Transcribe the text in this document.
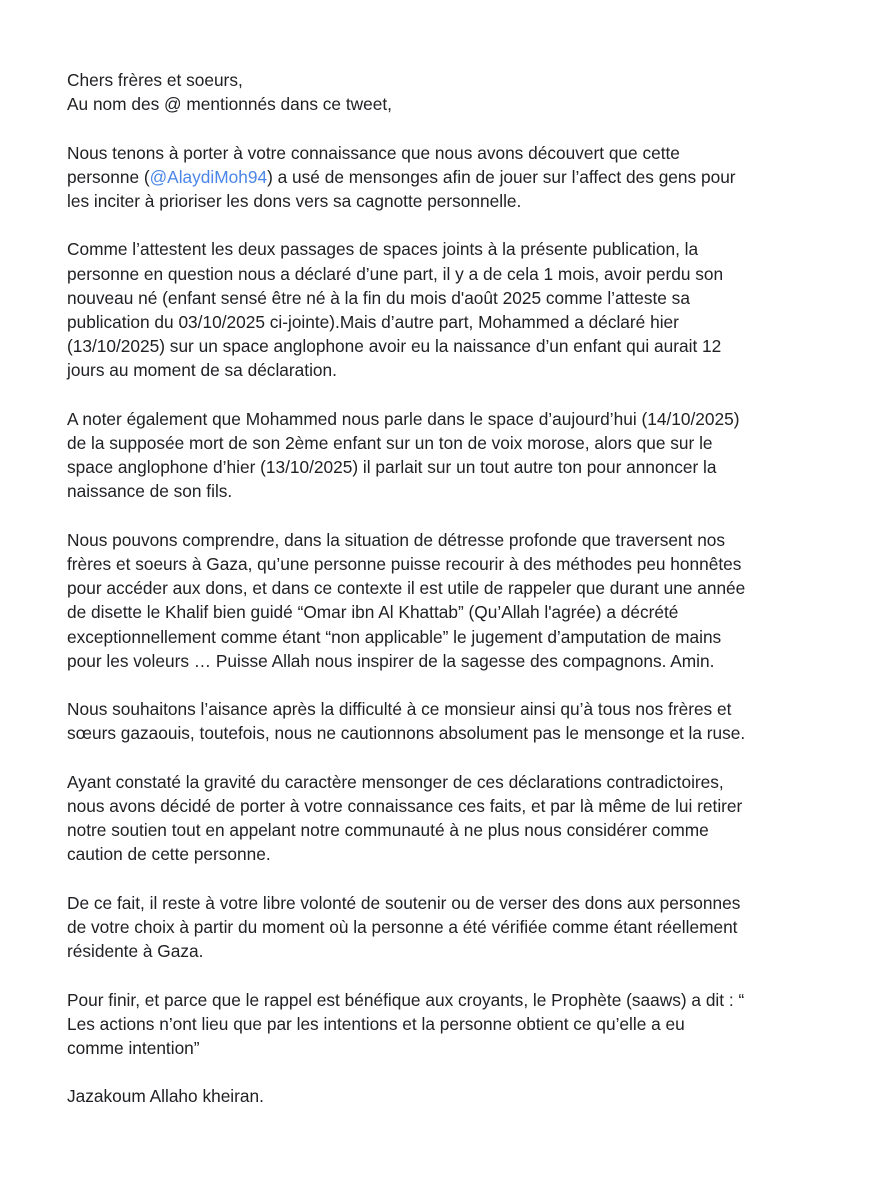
Chers frères et soeurs,
Au nom des @ mentionnés dans ce tweet,

Nous tenons à porter à votre connaissance que nous avons découvert que cette
personne (@AlaydiMoh94) a usé de mensonges afin de jouer sur l’affect des gens pour
les inciter à prioriser les dons vers sa cagnotte personnelle.

Comme l’attestent les deux passages de spaces joints à la présente publication, la
personne en question nous a déclaré d’une part, il y a de cela 1 mois, avoir perdu son
nouveau né (enfant sensé être né à la fin du mois d'août 2025 comme l’atteste sa
publication du 03/10/2025 ci-jointe).Mais d’autre part, Mohammed a déclaré hier
(13/10/2025) sur un space anglophone avoir eu la naissance d’un enfant qui aurait 12
jours au moment de sa déclaration.

A noter également que Mohammed nous parle dans le space d’aujourd’hui (14/10/2025)
de la supposée mort de son 2ème enfant sur un ton de voix morose, alors que sur le
space anglophone d’hier (13/10/2025) il parlait sur un tout autre ton pour annoncer la
naissance de son fils.

Nous pouvons comprendre, dans la situation de détresse profonde que traversent nos
frères et soeurs à Gaza, qu’une personne puisse recourir à des méthodes peu honnêtes
pour accéder aux dons, et dans ce contexte il est utile de rappeler que durant une année
de disette le Khalif bien guidé “Omar ibn Al Khattab” (Qu’Allah l'agrée) a décrété
exceptionnellement comme étant “non applicable” le jugement d’amputation de mains
pour les voleurs … Puisse Allah nous inspirer de la sagesse des compagnons. Amin.

Nous souhaitons l’aisance après la difficulté à ce monsieur ainsi qu’à tous nos frères et
sœurs gazaouis, toutefois, nous ne cautionnons absolument pas le mensonge et la ruse.

Ayant constaté la gravité du caractère mensonger de ces déclarations contradictoires,
nous avons décidé de porter à votre connaissance ces faits, et par là même de lui retirer
notre soutien tout en appelant notre communauté à ne plus nous considérer comme
caution de cette personne.

De ce fait, il reste à votre libre volonté de soutenir ou de verser des dons aux personnes
de votre choix à partir du moment où la personne a été vérifiée comme étant réellement
résidente à Gaza.

Pour finir, et parce que le rappel est bénéfique aux croyants, le Prophète (saaws) a dit : “
Les actions n’ont lieu que par les intentions et la personne obtient ce qu’elle a eu
comme intention”

Jazakoum Allaho kheiran.
